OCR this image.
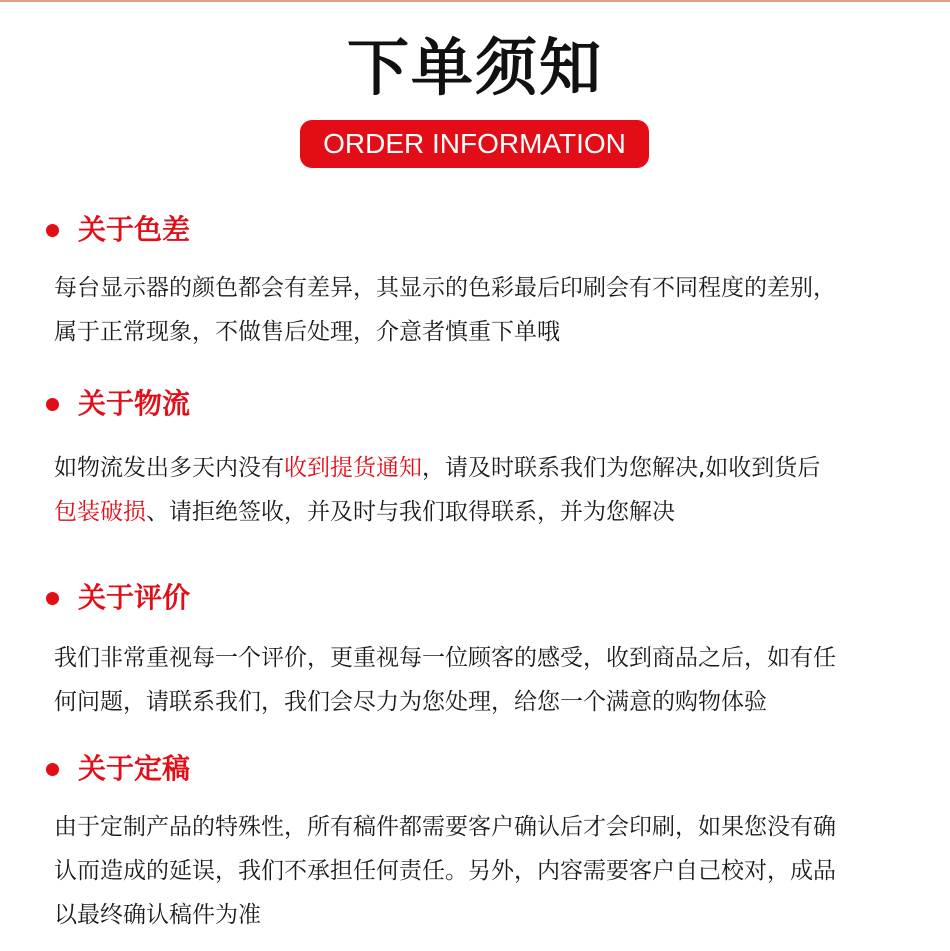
下单须知
ORDER INFORMATION
关于色差
每台显示器的颜色都会有差异，其显示的色彩最后印刷会有不同程度的差别，
属于正常现象，不做售后处理，介意者慎重下单哦
关于物流
如物流发出多天内没有收到提货通知，请及时联系我们为您解决,如收到货后
包装破损、请拒绝签收，并及时与我们取得联系，并为您解决
关于评价
我们非常重视每一个评价，更重视每一位顾客的感受，收到商品之后，如有任
何问题，请联系我们，我们会尽力为您处理，给您一个满意的购物体验
关于定稿
由于定制产品的特殊性，所有稿件都需要客户确认后才会印刷，如果您没有确
认而造成的延误，我们不承担任何责任。另外，内容需要客户自己校对，成品
以最终确认稿件为准
